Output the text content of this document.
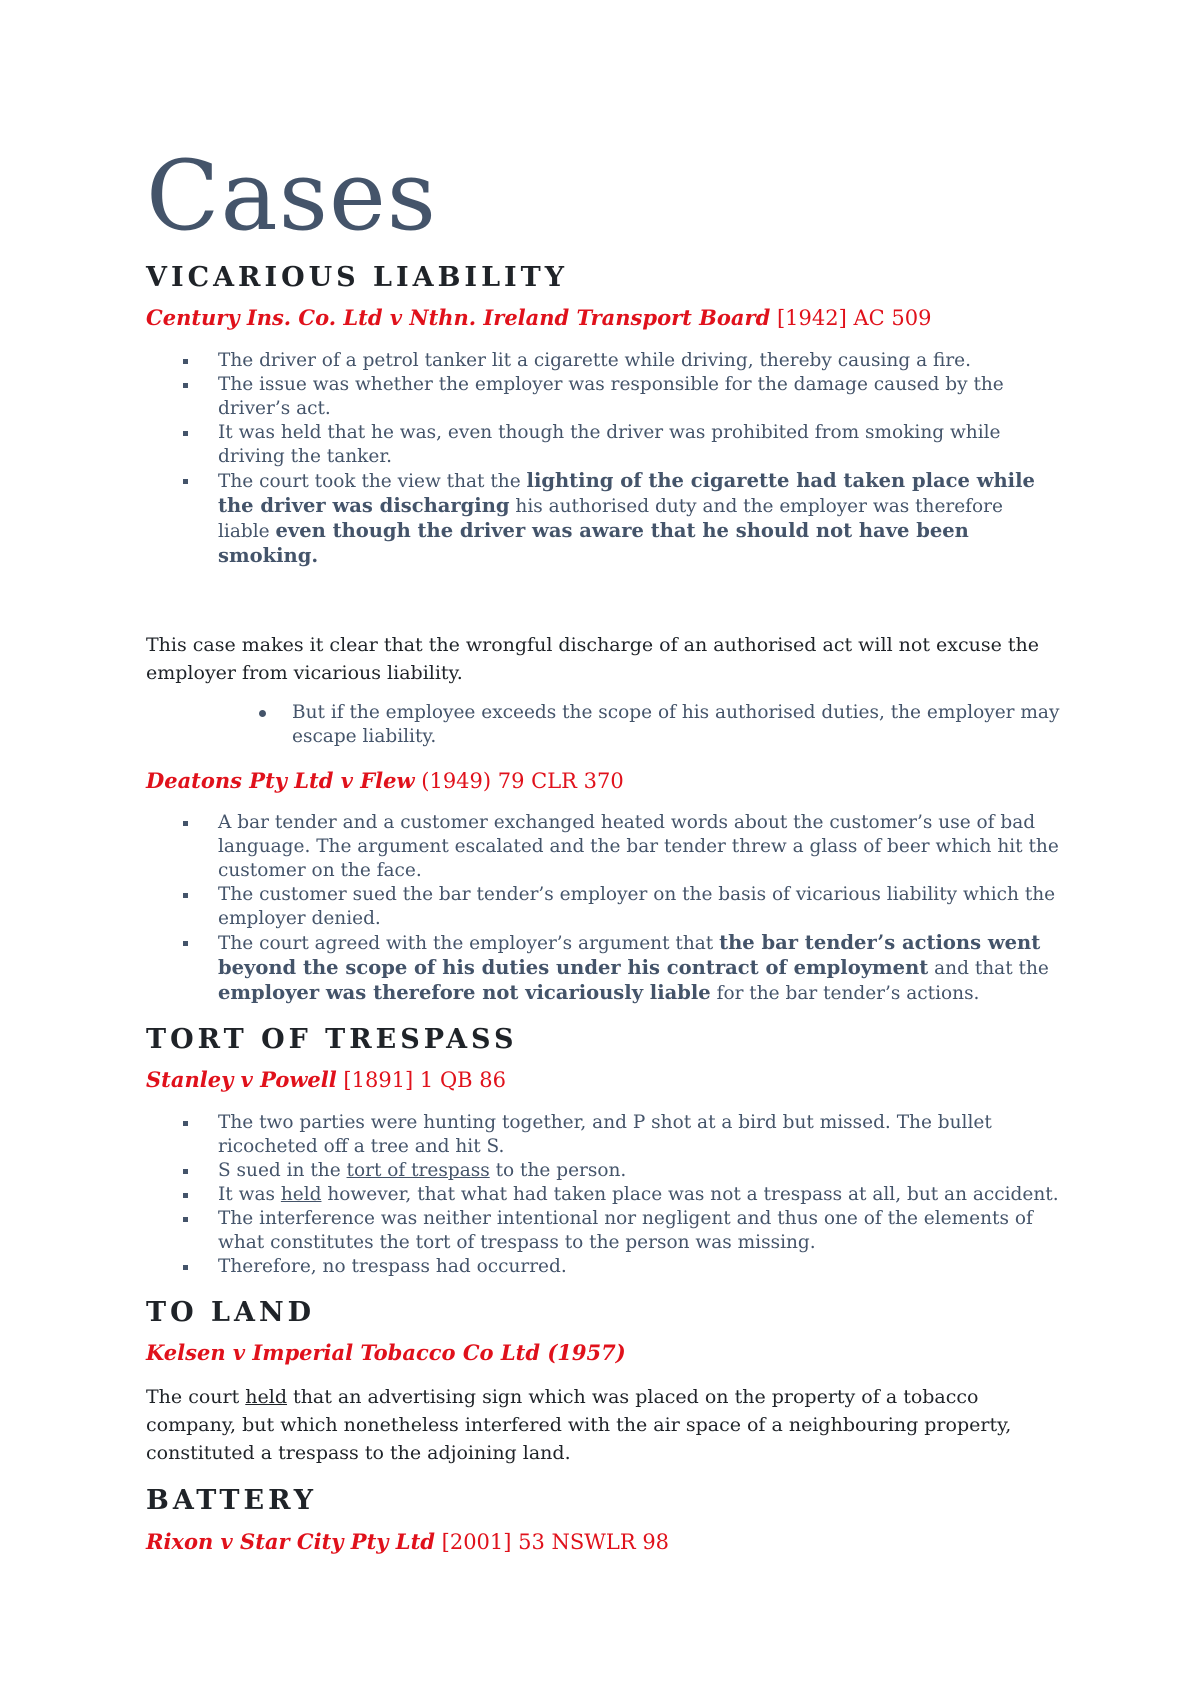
Cases
VICARIOUS LIABILITY
Century Ins. Co. Ltd v Nthn. Ireland Transport Board [1942] AC 509
The driver of a petrol tanker lit a cigarette while driving, thereby causing a fire.
The issue was whether the employer was responsible for the damage caused by the driver’s act.
It was held that he was, even though the driver was prohibited from smoking while driving the tanker.
The court took the view that the lighting of the cigarette had taken place while the driver was discharging his authorised duty and the employer was therefore liable even though the driver was aware that he should not have been smoking.

This case makes it clear that the wrongful discharge of an authorised act will not excuse the employer from vicarious liability.

But if the employee exceeds the scope of his authorised duties, the employer may escape liability.
Deatons Pty Ltd v Flew (1949) 79 CLR 370
A bar tender and a customer exchanged heated words about the customer’s use of bad language. The argument escalated and the bar tender threw a glass of beer which hit the customer on the face.
The customer sued the bar tender’s employer on the basis of vicarious liability which the employer denied.
The court agreed with the employer’s argument that the bar tender’s actions went beyond the scope of his duties under his contract of employment and that the employer was therefore not vicariously liable for the bar tender’s actions.
TORT OF TRESPASS
Stanley v Powell [1891] 1 QB 86
The two parties were hunting together, and P shot at a bird but missed. The bullet ricocheted off a tree and hit S.
S sued in the tort of trespass to the person.
It was held however, that what had taken place was not a trespass at all, but an accident.
The interference was neither intentional nor negligent and thus one of the elements of what constitutes the tort of trespass to the person was missing.
Therefore, no trespass had occurred.
TO LAND
Kelsen v Imperial Tobacco Co Ltd (1957)

The court held that an advertising sign which was placed on the property of a tobacco company, but which nonetheless interfered with the air space of a neighbouring property, constituted a trespass to the adjoining land.

BATTERY
Rixon v Star City Pty Ltd [2001] 53 NSWLR 98
